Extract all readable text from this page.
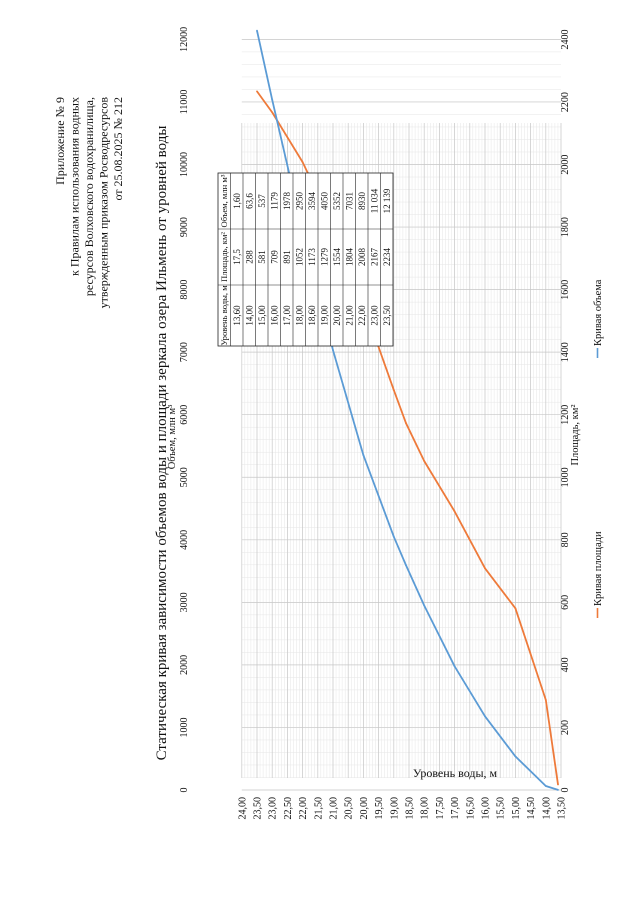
Приложение № 9 к Правилам использования водных ресурсов Волховского водохранилища, утвержденным приказом Росводресурсов от 25.08.2025 № 212 Статическая кривая зависимости объемов воды и площади зеркала озера Ильмень от уровней воды
13,50
14,00
14,50
15,00
15,50
16,00
16,50
17,00
17,50
18,00
18,50
19,00
19,50
20,00
20,50
21,00
21,50
22,00
22,50
23,00
23,50
24,00
0
1000
2000
3000
4000
5000
6000
7000
8000
9000
10000
11000
12000
0
200
400
600
800
1000
1200
1400
1600
1800
2000
2200
2400
Уровень воды, м
Объем, млн м³	Площадь, км²
Уровень воды, м
Площадь, км²
Объем, млн м³
13,60
17,5
1,60
14,00
288
63,6
15,00
581
537
16,00
709
1179
17,00
891
1978
18,00
1052
2950
18,60
1173
3594
19,00
1279
4050
20,00
1554
5352
21,00
1804
7031
22,00
2008
8930
23,00
2167
11 034
23,50
2234
12 139
Кривая площади
Кривая объема
